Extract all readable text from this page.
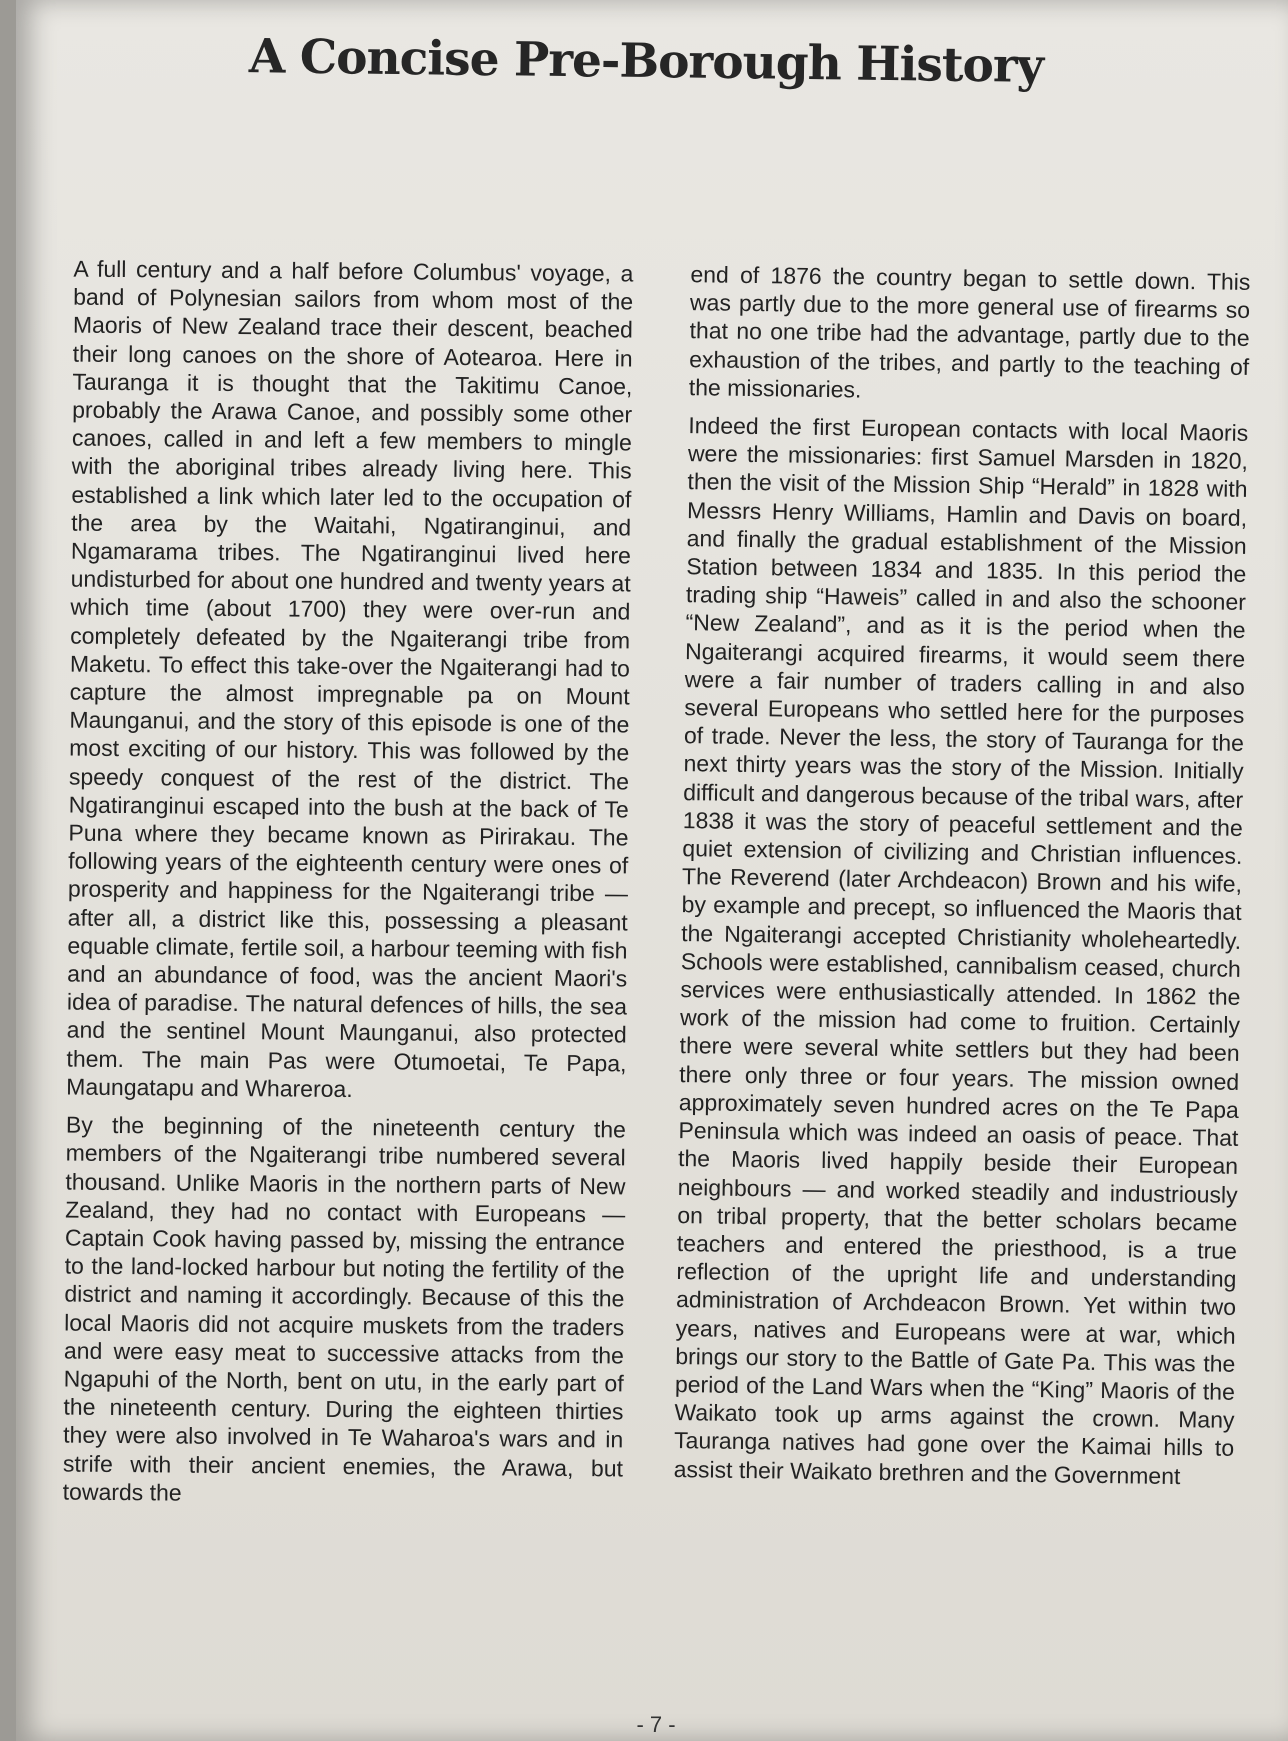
A Concise Pre-Borough History

A full century and a half before Columbus' voyage, a band of Polynesian sailors from whom most of the Maoris of New Zealand trace their descent, beached their long canoes on the shore of Aotearoa. Here in Tauranga it is thought that the Takitimu Canoe, probably the Arawa Canoe, and possibly some other canoes, called in and left a few members to mingle with the aboriginal tribes already living here. This established a link which later led to the occupation of the area by the Waitahi, Ngatiranginui, and Ngamarama tribes. The Ngatiranginui lived here undisturbed for about one hundred and twenty years at which time (about 1700) they were over-run and completely defeated by the Ngaiterangi tribe from Maketu. To effect this take-over the Ngaiterangi had to capture the almost impregnable pa on Mount Maunganui, and the story of this episode is one of the most exciting of our history. This was followed by the speedy conquest of the rest of the district. The Ngatiranginui escaped into the bush at the back of Te Puna where they became known as Pirirakau. The following years of the eighteenth century were ones of prosperity and happiness for the Ngaiterangi tribe — after all, a district like this, possessing a pleasant equable climate, fertile soil, a harbour teeming with fish and an abundance of food, was the ancient Maori's idea of paradise. The natural defences of hills, the sea and the sentinel Mount Maunganui, also protected them. The main Pas were Otumoetai, Te Papa, Maungatapu and Whareroa.

By the beginning of the nineteenth century the members of the Ngaiterangi tribe numbered several thousand. Unlike Maoris in the northern parts of New Zealand, they had no contact with Europeans — Captain Cook having passed by, missing the entrance to the land-locked harbour but noting the fertility of the district and naming it accordingly. Because of this the local Maoris did not acquire muskets from the traders and were easy meat to successive attacks from the Ngapuhi of the North, bent on utu, in the early part of the nineteenth century. During the eighteen thirties they were also involved in Te Waharoa's wars and in strife with their ancient enemies, the Arawa, but towards the

end of 1876 the country began to settle down. This was partly due to the more general use of firearms so that no one tribe had the advantage, partly due to the exhaustion of the tribes, and partly to the teaching of the missionaries.

Indeed the first European contacts with local Maoris were the missionaries: first Samuel Marsden in 1820, then the visit of the Mission Ship “Herald” in 1828 with Messrs Henry Williams, Hamlin and Davis on board, and finally the gradual establishment of the Mission Station between 1834 and 1835. In this period the trading ship “Haweis” called in and also the schooner “New Zealand”, and as it is the period when the Ngaiterangi acquired firearms, it would seem there were a fair number of traders calling in and also several Europeans who settled here for the purposes of trade. Never the less, the story of Tauranga for the next thirty years was the story of the Mission. Initially difficult and dangerous because of the tribal wars, after 1838 it was the story of peaceful settlement and the quiet extension of civilizing and Christian influences. The Reverend (later Archdeacon) Brown and his wife, by example and precept, so influenced the Maoris that the Ngaiterangi accepted Christianity wholeheartedly. Schools were established, cannibalism ceased, church services were enthusiastically attended. In 1862 the work of the mission had come to fruition. Certainly there were several white settlers but they had been there only three or four years. The mission owned approximately seven hundred acres on the Te Papa Peninsula which was indeed an oasis of peace. That the Maoris lived happily beside their European neighbours — and worked steadily and industriously on tribal property, that the better scholars became teachers and entered the priesthood, is a true reflection of the upright life and understanding administration of Archdeacon Brown. Yet within two years, natives and Europeans were at war, which brings our story to the Battle of Gate Pa. This was the period of the Land Wars when the “King” Maoris of the Waikato took up arms against the crown. Many Tauranga natives had gone over the Kaimai hills to assist their Waikato brethren and the Government

- 7 -
